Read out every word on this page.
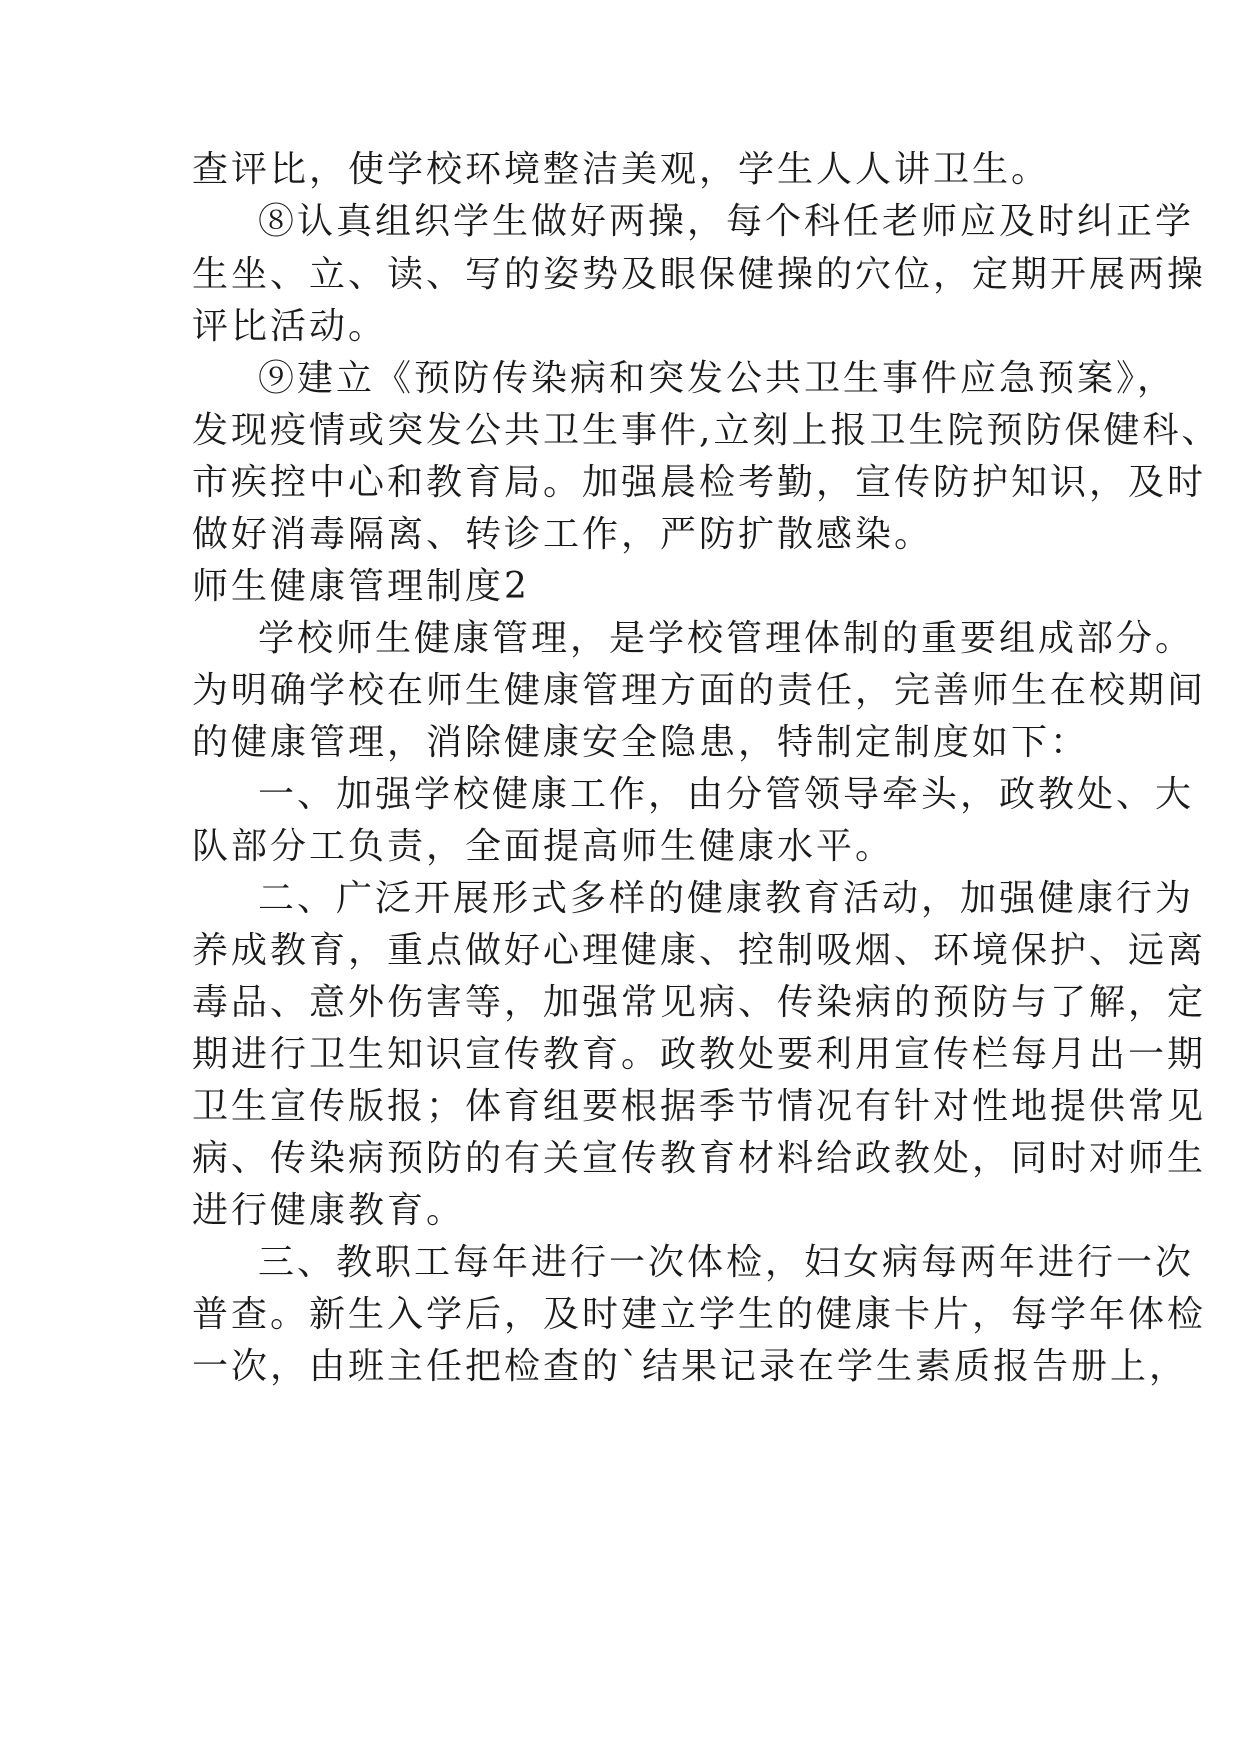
查评比，使学校环境整洁美观，学生人人讲卫生。
⑧认真组织学生做好两操，每个科任老师应及时纠正学
生坐、立、读、写的姿势及眼保健操的穴位，定期开展两操
评比活动。
⑨建立《预防传染病和突发公共卫生事件应急预案》，
发现疫情或突发公共卫生事件,立刻上报卫生院预防保健科、
市疾控中心和教育局。加强晨检考勤，宣传防护知识，及时
做好消毒隔离、转诊工作，严防扩散感染。
师生健康管理制度2
学校师生健康管理，是学校管理体制的重要组成部分。
为明确学校在师生健康管理方面的责任，完善师生在校期间
的健康管理，消除健康安全隐患，特制定制度如下：
一、加强学校健康工作，由分管领导牵头，政教处、大
队部分工负责，全面提高师生健康水平。
二、广泛开展形式多样的健康教育活动，加强健康行为
养成教育，重点做好心理健康、控制吸烟、环境保护、远离
毒品、意外伤害等，加强常见病、传染病的预防与了解，定
期进行卫生知识宣传教育。政教处要利用宣传栏每月出一期
卫生宣传版报；体育组要根据季节情况有针对性地提供常见
病、传染病预防的有关宣传教育材料给政教处，同时对师生
进行健康教育。
三、教职工每年进行一次体检，妇女病每两年进行一次
普查。新生入学后，及时建立学生的健康卡片，每学年体检
一次，由班主任把检查的`结果记录在学生素质报告册上，
